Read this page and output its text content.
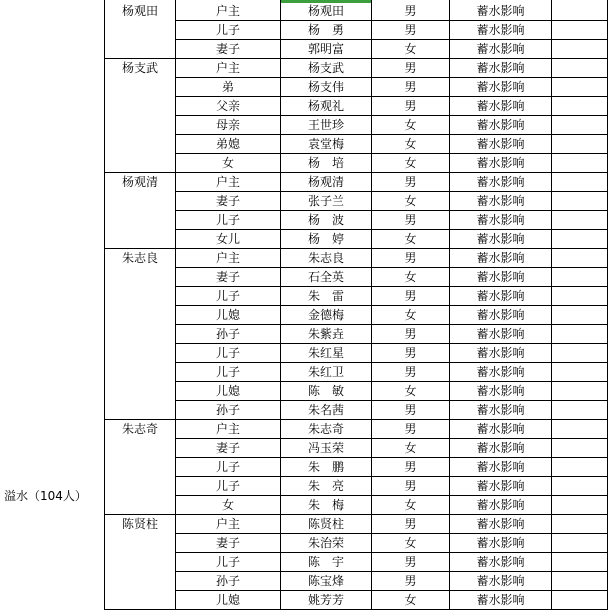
溢水（104人）
杨观田	户主	杨观田	男	蓄水影响
儿子	杨　勇	男	蓄水影响
妻子	郭明富	女	蓄水影响
杨支武	户主	杨支武	男	蓄水影响
弟	杨支伟	男	蓄水影响
父亲	杨观礼	男	蓄水影响
母亲	王世珍	女	蓄水影响
弟媳	袁堂梅	女	蓄水影响
女	杨　培	女	蓄水影响
杨观清	户主	杨观清	男	蓄水影响
妻子	张子兰	女	蓄水影响
儿子	杨　波	男	蓄水影响
女儿	杨　婷	女	蓄水影响
朱志良	户主	朱志良	男	蓄水影响
妻子	石全英	女	蓄水影响
儿子	朱　雷	男	蓄水影响
儿媳	金德梅	女	蓄水影响
孙子	朱紫垚	男	蓄水影响
儿子	朱红星	男	蓄水影响
儿子	朱红卫	男	蓄水影响
儿媳	陈　敏	女	蓄水影响
孙子	朱名茜	男	蓄水影响
朱志奇	户主	朱志奇	男	蓄水影响
妻子	冯玉荣	女	蓄水影响
儿子	朱　鹏	男	蓄水影响
儿子	朱　亮	男	蓄水影响
女	朱　梅	女	蓄水影响
陈贤柱	户主	陈贤柱	男	蓄水影响
妻子	朱治荣	女	蓄水影响
儿子	陈　宇	男	蓄水影响
孙子	陈宝烽	男	蓄水影响
儿媳	姚芳芳	女	蓄水影响
